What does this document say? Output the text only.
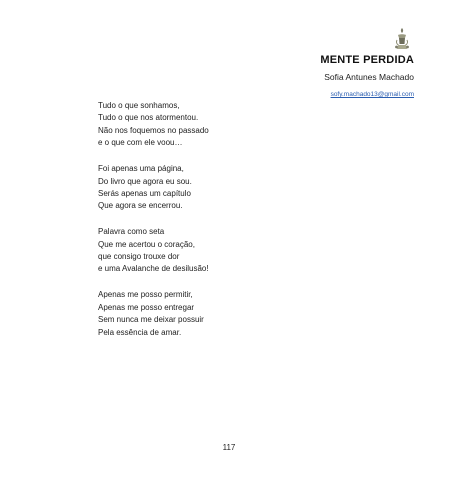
MENTE PERDIDA
Sofia Antunes Machado
sofy.machado13@gmail.com
Tudo o que sonhamos,
Tudo o que nos atormentou.
Não nos foquemos no passado
e o que com ele voou…
Foi apenas uma página,
Do livro que agora eu sou.
Serás apenas um capítulo
Que agora se encerrou.
Palavra como seta
Que me acertou o coração,
que consigo trouxe dor
e uma Avalanche de desilusão!
Apenas me posso permitir,
Apenas me posso entregar
Sem nunca me deixar possuir
Pela essência de amar.
117
